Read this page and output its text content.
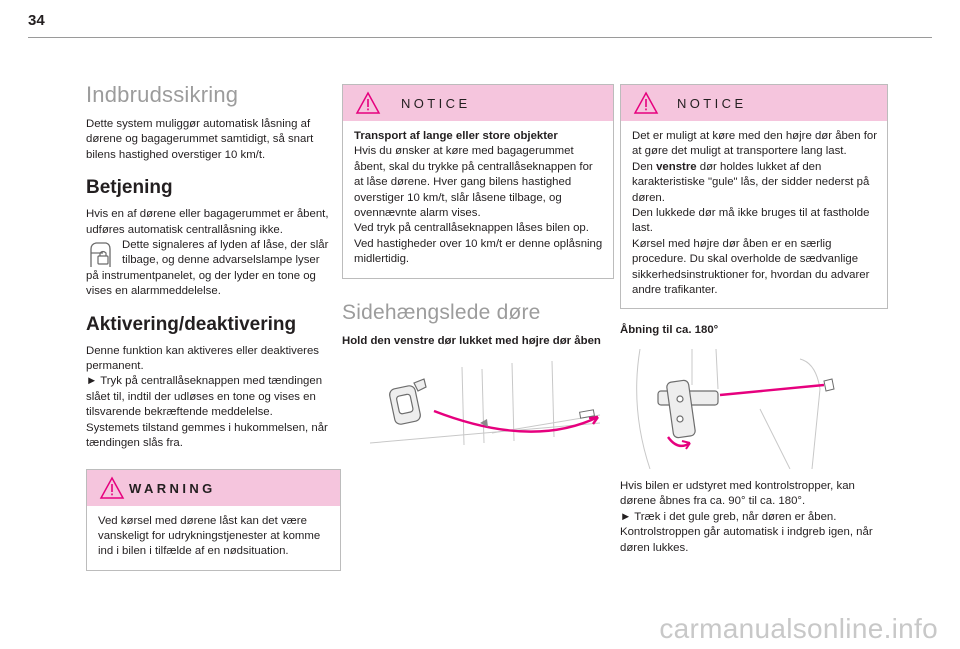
34
Indbrudssikring

Dette system muliggør automatisk låsning af dørene og bagagerummet samtidigt, så snart bilens hastighed overstiger 10 km/t.

Betjening

Hvis en af dørene eller bagagerummet er åbent, udføres automatisk centrallåsning ikke.

Dette signaleres af lyden af låse, der slår tilbage, og denne advarselslampe lyser

på instrumentpanelet, og der lyder en tone og vises en alarmmeddelelse.

Aktivering/deaktivering

Denne funktion kan aktiveres eller deaktiveres permanent.

► Tryk på centrallåseknappen med tændingen slået til, indtil der udløses en tone og vises en tilsvarende bekræftende meddelelse.

Systemets tilstand gemmes i hukommelsen, når tændingen slås fra.

WARNING

Ved kørsel med dørene låst kan det være vanskeligt for udrykningstjenester at komme ind i bilen i tilfælde af en nødsituation.

NOTICE

Transport af lange eller store objekter

Hvis du ønsker at køre med bagagerummet åbent, skal du trykke på centrallåseknappen for at låse dørene. Hver gang bilens hastighed overstiger 10 km/t, slår låsene tilbage, og ovennævnte alarm vises.

Ved tryk på centrallåseknappen låses bilen op.

Ved hastigheder over 10 km/t er denne oplåsning midlertidig.

Sidehængslede døre

Hold den venstre dør lukket med højre dør åben

NOTICE

Det er muligt at køre med den højre dør åben for at gøre det muligt at transportere lang last.

Den venstre dør holdes lukket af den karakteristiske "gule" lås, der sidder nederst på døren.

Den lukkede dør må ikke bruges til at fastholde last.

Kørsel med højre dør åben er en særlig procedure. Du skal overholde de sædvanlige sikkerhedsinstruktioner for, hvordan du advarer andre trafikanter.

Åbning til ca. 180°

Hvis bilen er udstyret med kontrolstropper, kan dørene åbnes fra ca. 90° til ca. 180°.

► Træk i det gule greb, når døren er åben.

Kontrolstroppen går automatisk i indgreb igen, når døren lukkes.

carmanualsonline.info
